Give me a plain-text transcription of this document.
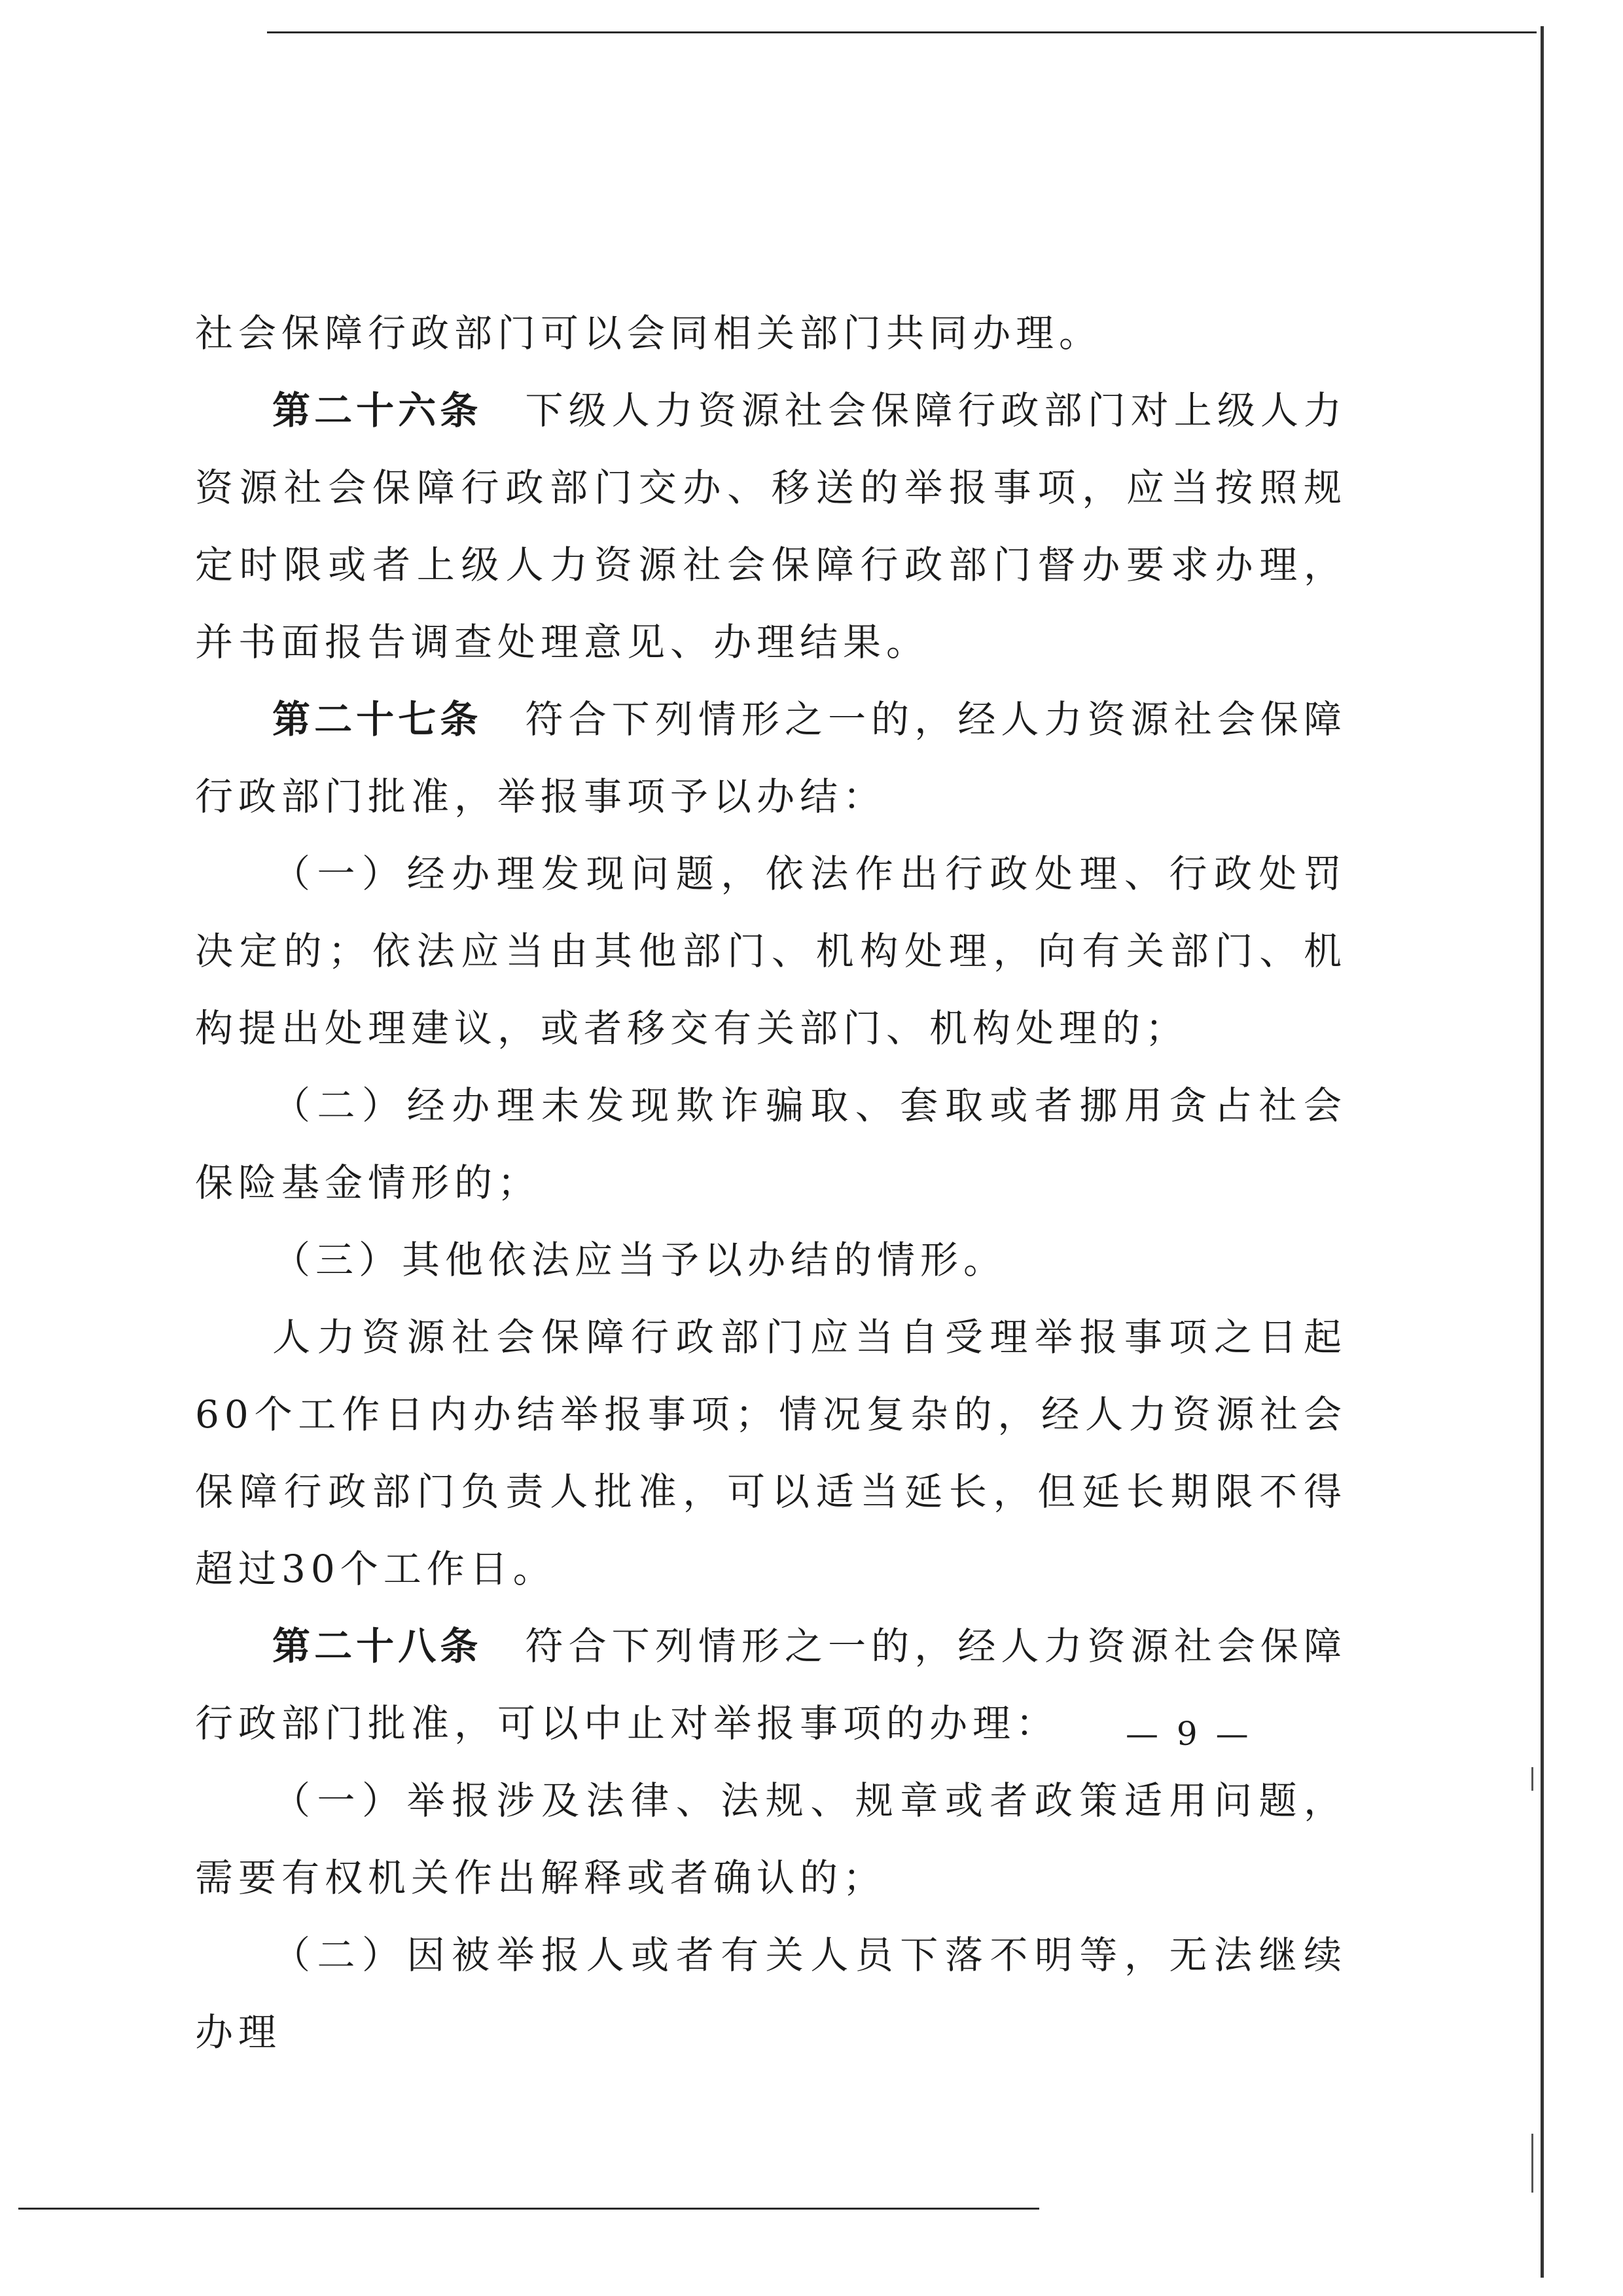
社会保障行政部门可以会同相关部门共同办理。

第二十六条　下级人力资源社会保障行政部门对上级人力资源社会保障行政部门交办、移送的举报事项，应当按照规定时限或者上级人力资源社会保障行政部门督办要求办理，并书面报告调查处理意见、办理结果。

第二十七条　符合下列情形之一的，经人力资源社会保障行政部门批准，举报事项予以办结：

（一）经办理发现问题，依法作出行政处理、行政处罚决定的；依法应当由其他部门、机构处理，向有关部门、机构提出处理建议，或者移交有关部门、机构处理的；

（二）经办理未发现欺诈骗取、套取或者挪用贪占社会保险基金情形的；

（三）其他依法应当予以办结的情形。

人力资源社会保障行政部门应当自受理举报事项之日起60个工作日内办结举报事项；情况复杂的，经人力资源社会保障行政部门负责人批准，可以适当延长，但延长期限不得超过30个工作日。

第二十八条　符合下列情形之一的，经人力资源社会保障行政部门批准，可以中止对举报事项的办理：

（一）举报涉及法律、法规、规章或者政策适用问题，需要有权机关作出解释或者确认的；

（二）因被举报人或者有关人员下落不明等，无法继续办理

— 9 —
